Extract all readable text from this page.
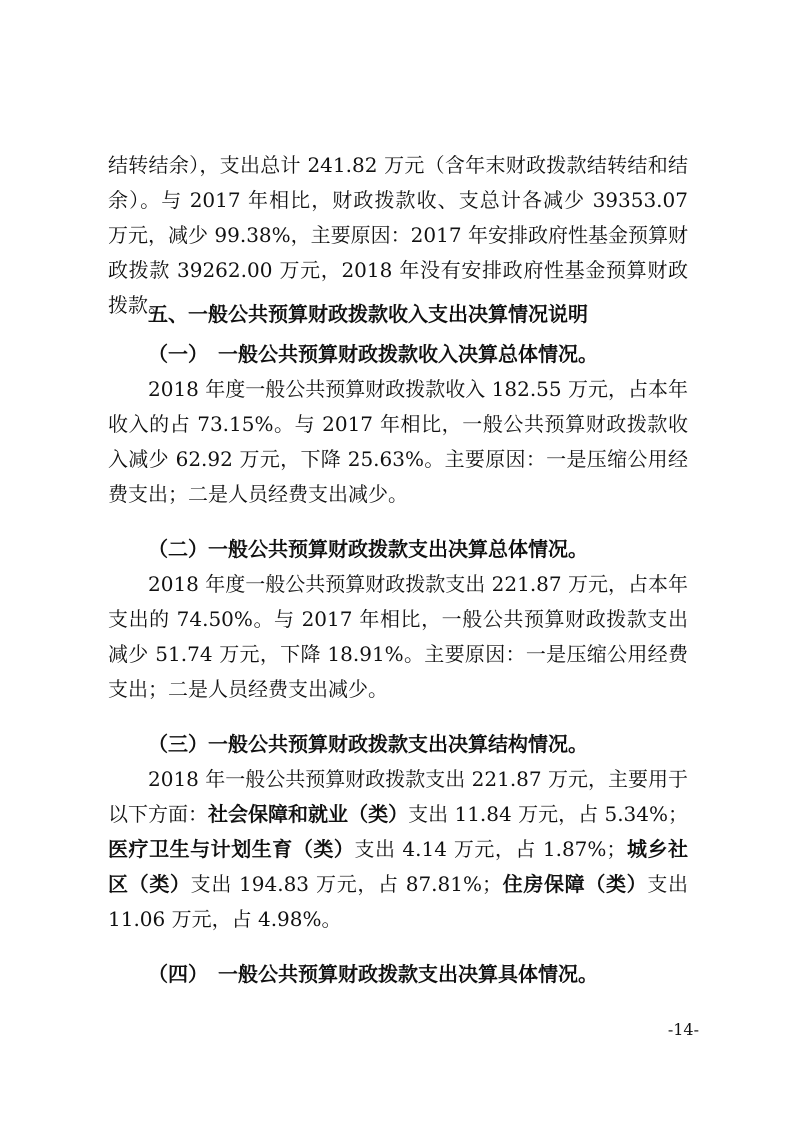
结转结余），支出总计 241.82 万元（含年末财政拨款结转结和结余）。与 2017 年相比，财政拨款收、支总计各减少 39353.07 万元，减少 99.38%，主要原因：2017 年安排政府性基金预算财政拨款 39262.00 万元，2018 年没有安排政府性基金预算财政拨款。

五、一般公共预算财政拨款收入支出决算情况说明

（一）　一般公共预算财政拨款收入决算总体情况。

2018 年度一般公共预算财政拨款收入 182.55 万元，占本年收入的占 73.15%。与 2017 年相比，一般公共预算财政拨款收入减少 62.92 万元，下降 25.63%。主要原因：一是压缩公用经费支出；二是人员经费支出减少。

（二）一般公共预算财政拨款支出决算总体情况。

2018 年度一般公共预算财政拨款支出 221.87 万元，占本年支出的 74.50%。与 2017 年相比，一般公共预算财政拨款支出减少 51.74 万元，下降 18.91%。主要原因：一是压缩公用经费支出；二是人员经费支出减少。

（三）一般公共预算财政拨款支出决算结构情况。

2018 年一般公共预算财政拨款支出 221.87 万元，主要用于以下方面：社会保障和就业（类）支出 11.84 万元，占 5.34%；医疗卫生与计划生育（类）支出 4.14 万元，占 1.87%；城乡社区（类）支出 194.83 万元，占 87.81%；住房保障（类）支出 11.06 万元，占 4.98%。

（四）　一般公共预算财政拨款支出决算具体情况。

-14-
